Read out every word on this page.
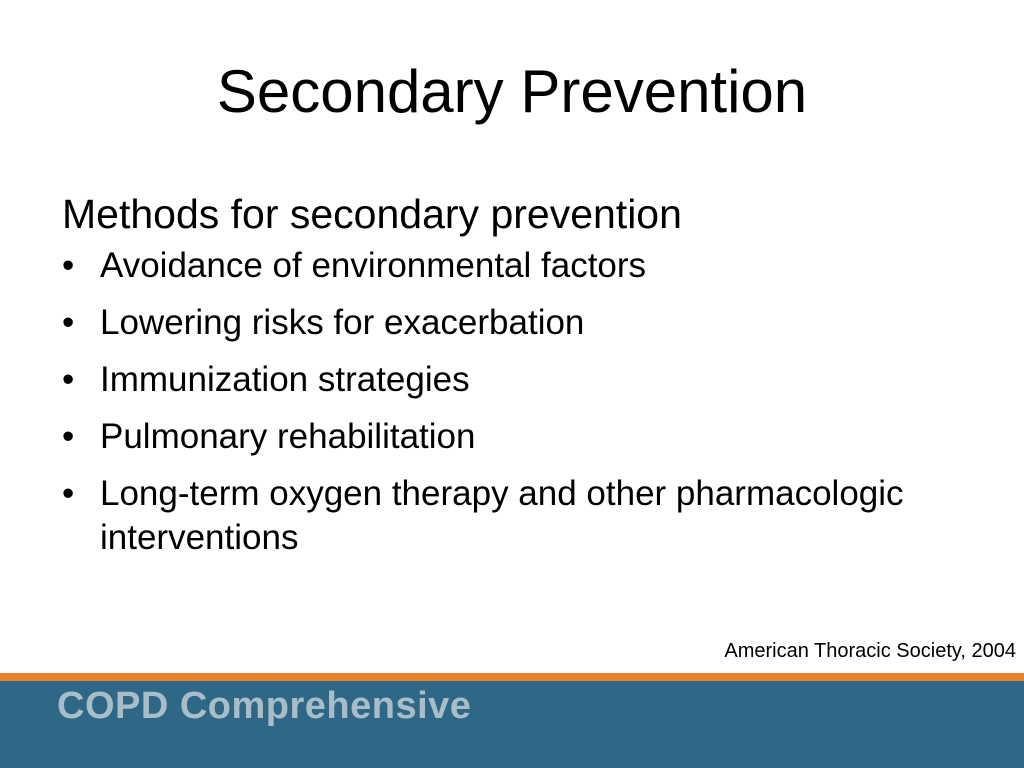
Secondary Prevention

Methods for secondary prevention

• Avoidance of environmental factors
• Lowering risks for exacerbation
• Immunization strategies
• Pulmonary rehabilitation
• Long-term oxygen therapy and other pharmacologic interventions
American Thoracic Society, 2004
COPD Comprehensive
